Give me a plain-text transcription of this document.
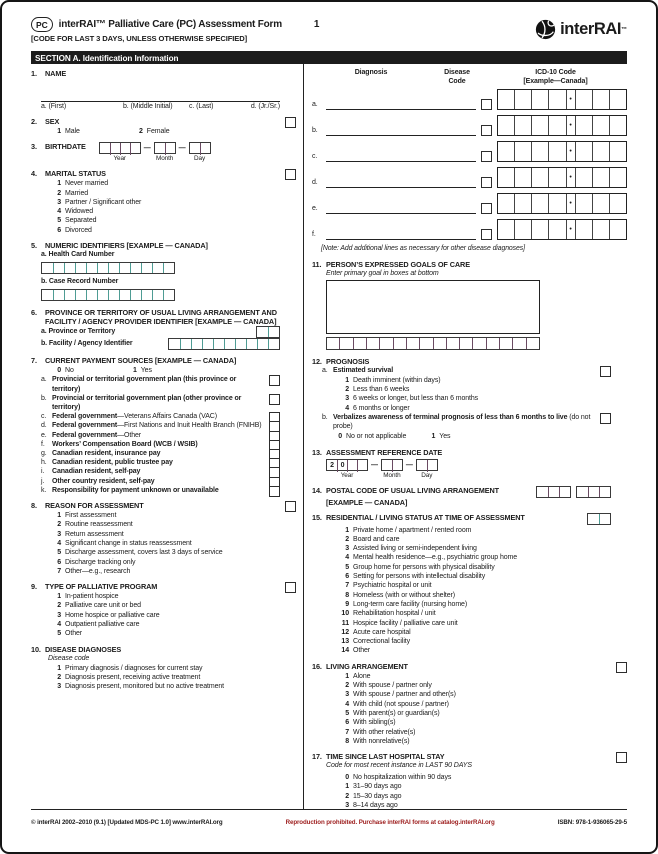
PC interRAI™ Palliative Care (PC) Assessment Form	1
[CODE FOR LAST 3 DAYS, UNLESS OTHERWISE SPECIFIED]
interRAI™
SECTION A. Identification Information
1.	NAME
a. (First)	b. (Middle Initial)	c. (Last)	d. (Jr./Sr.)
2.	SEX
1 Male	2 Female
3.	BIRTHDATE
Year
—
Month
—
Day
4.	MARITAL STATUS
1 Never married
2 Married
3 Partner / Significant other
4 Widowed
5 Separated
6 Divorced
5.	NUMERIC IDENTIFIERS [EXAMPLE — CANADA]
a. Health Card Number
b. Case Record Number
6.	PROVINCE OR TERRITORY OF USUAL LIVING ARRANGEMENT AND FACILITY / AGENCY PROVIDER IDENTIFIER [EXAMPLE — CANADA]
a. Province or Territory
b. Facility / Agency Identifier
7.	CURRENT PAYMENT SOURCES [EXAMPLE — CANADA]
0 No	1 Yes
a. Provincial or territorial government plan (this province or territory)
b. Provincial or territorial government plan (other province or territory)
c. Federal government—Veterans Affairs Canada (VAC)
d. Federal government—First Nations and Inuit Health Branch (FNIHB)
e. Federal government—Other
f.	Workers’ Compensation Board (WCB / WSIB)
g. Canadian resident, insurance pay
h. Canadian resident, public trustee pay
i.	Canadian resident, self-pay
j.	Other country resident, self-pay
k. Responsibility for payment unknown or unavailable
8.	REASON FOR ASSESSMENT
1 First assessment
2 Routine reassessment
3 Return assessment
4 Significant change in status reassessment
5 Discharge assessment, covers last 3 days of service
6 Discharge tracking only
7 Other—e.g., research
9.	TYPE OF PALLIATIVE PROGRAM
1 In-patient hospice
2 Palliative care unit or bed
3 Home hospice or palliative care
4 Outpatient palliative care
5 Other
10. DISEASE DIAGNOSES
Disease code
1 Primary diagnosis / diagnoses for current stay
2 Diagnosis present, receiving active treatment
3 Diagnosis present, monitored but no active treatment
Diagnosis	Disease
Code
ICD-10 Code
[Example—Canada]
a.
•
b.
•
c.
•
d.
•
e.
•
f.
•
[Note: Add additional lines as necessary for other disease diagnoses]
11. PERSON’S EXPRESSED GOALS OF CARE
Enter primary goal in boxes at bottom
12. PROGNOSIS
a. Estimated survival
1 Death imminent (within days)
2 Less than 6 weeks
3 6 weeks or longer, but less than 6 months
4 6 months or longer
b. Verbalizes awareness of terminal prognosis of less than 6 months to live (do not probe)
0 No or not applicable	1 Yes
13. ASSESSMENT REFERENCE DATE
2 0
Year
—
Month
—
Day
14. POSTAL CODE OF USUAL LIVING ARRANGEMENT
[EXAMPLE — CANADA]
15. RESIDENTIAL / LIVING STATUS AT TIME OF ASSESSMENT
1 Private home / apartment / rented room
2 Board and care
3 Assisted living or semi-independent living
4 Mental health residence—e.g., psychiatric group home
5 Group home for persons with physical disability
6 Setting for persons with intellectual disability
7 Psychiatric hospital or unit
8 Homeless (with or without shelter)
9 Long-term care facility (nursing home)
10 Rehabilitation hospital / unit
11 Hospice facility / palliative care unit
12 Acute care hospital
13 Correctional facility
14 Other
16. LIVING ARRANGEMENT
1 Alone
2 With spouse / partner only
3 With spouse / partner and other(s)
4 With child (not spouse / partner)
5 With parent(s) or guardian(s)
6 With sibling(s)
7 With other relative(s)
8 With nonrelative(s)
17. TIME SINCE LAST HOSPITAL STAY
Code for most recent instance in LAST 90 DAYS
0 No hospitalization within 90 days
1 31–90 days ago
2 15–30 days ago
3 8–14 days ago
© interRAI 2002–2010 (9.1) [Updated MDS-PC 1.0] www.interRAI.org	Reproduction prohibited. Purchase interRAI forms at catalog.interRAI.org	ISBN: 978-1-936065-29-5
